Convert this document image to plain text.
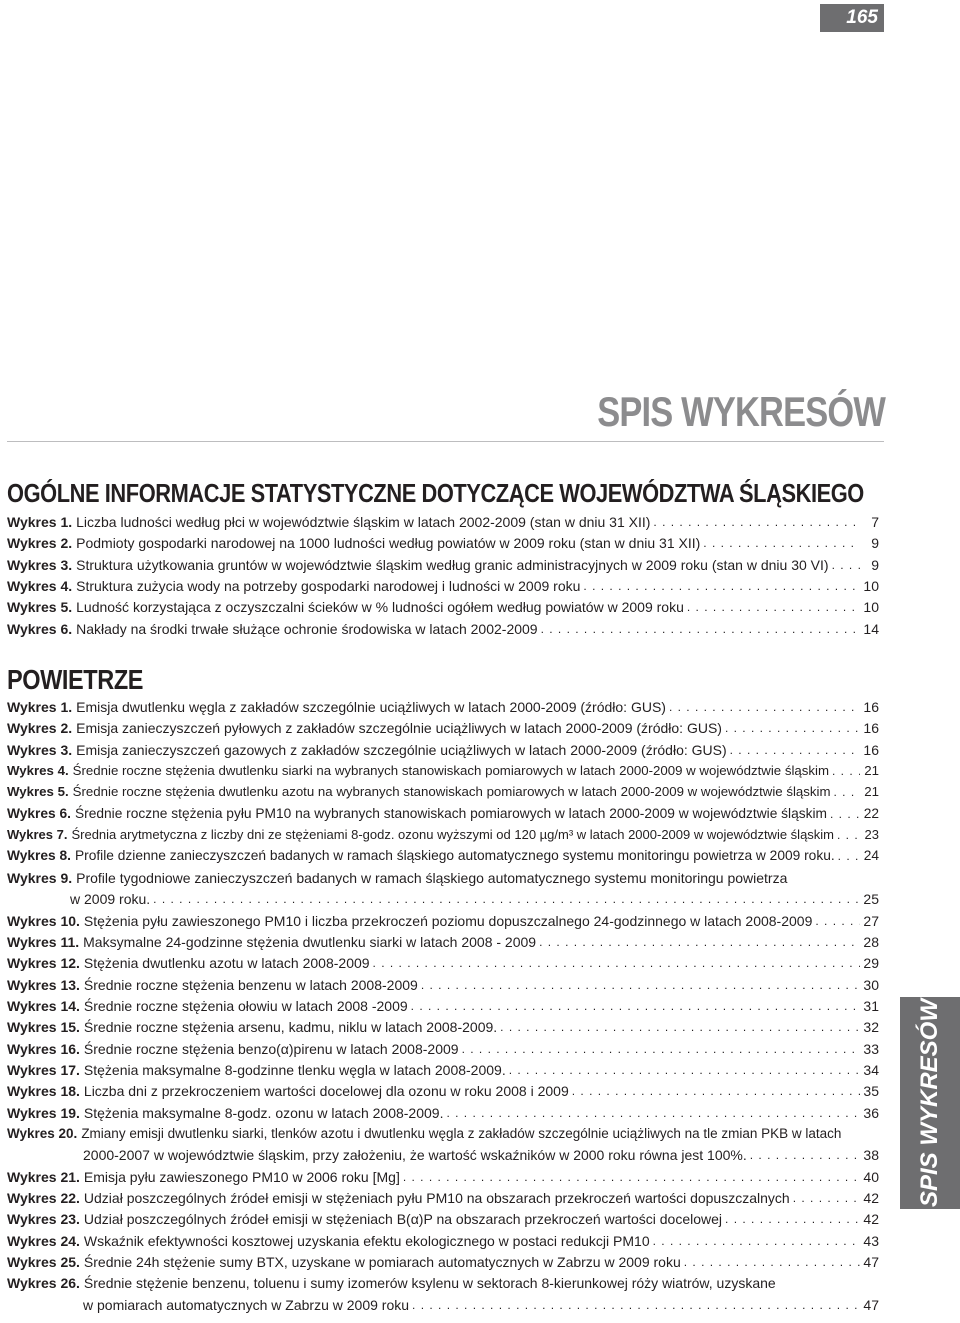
165
SPIS WYKRESÓW
OGÓLNE INFORMACJE STATYSTYCZNE DOTYCZĄCE WOJEWÓDZTWA ŚLĄSKIEGO
Wykres 1. Liczba ludności według płci w województwie śląskim w latach 2002-2009 (stan w dniu 31 XII) . . .	7
Wykres 2. Podmioty gospodarki narodowej na 1000 ludności według powiatów w 2009 roku (stan w dniu 31 XII) . . .	9
Wykres 3. Struktura użytkowania gruntów w województwie śląskim według granic administracyjnych w 2009 roku (stan w dniu 30 VI) . . .	9
Wykres 4. Struktura zużycia wody na potrzeby gospodarki narodowej i ludności w 2009 roku . . .	10
Wykres 5. Ludność korzystająca z oczyszczalni ścieków w % ludności ogółem według powiatów w 2009 roku . . .	10
Wykres 6. Nakłady na środki trwałe służące ochronie środowiska w latach 2002-2009 . . .	14
POWIETRZE
Wykres 1. Emisja dwutlenku węgla z zakładów szczególnie uciążliwych w latach 2000-2009 (źródło: GUS) . . .	16
Wykres 2. Emisja zanieczyszczeń pyłowych z zakładów szczególnie uciążliwych w latach 2000-2009 (źródło: GUS) . . .	16
Wykres 3. Emisja zanieczyszczeń gazowych z zakładów szczególnie uciążliwych w latach 2000-2009 (źródło: GUS) . . .	16
Wykres 4. Średnie roczne stężenia dwutlenku siarki na wybranych stanowiskach pomiarowych w latach 2000-2009 w województwie śląskim . . .	21
Wykres 5. Średnie roczne stężenia dwutlenku azotu na wybranych stanowiskach pomiarowych w latach 2000-2009 w województwie śląskim . . .	21
Wykres 6. Średnie roczne stężenia pyłu PM10 na wybranych stanowiskach pomiarowych w latach 2000-2009 w województwie śląskim . . .	22
Wykres 7. Średnia arytmetyczna z liczby dni ze stężeniami 8-godz. ozonu wyższymi od 120 µg/m³ w latach 2000-2009 w województwie śląskim . . . 23
Wykres 8. Profile dzienne zanieczyszczeń badanych w ramach śląskiego automatycznego systemu monitoringu powietrza w 2009 roku. . . . 24
Wykres 9. Profile tygodniowe zanieczyszczeń badanych w ramach śląskiego automatycznego systemu monitoringu powietrza
w 2009 roku. . . .	25
Wykres 10. Stężenia pyłu zawieszonego PM10 i liczba przekroczeń poziomu dopuszczalnego 24-godzinnego w latach 2008-2009 . . .	27
Wykres 11. Maksymalne 24-godzinne stężenia dwutlenku siarki w latach 2008 - 2009 . . .	28
Wykres 12. Stężenia dwutlenku azotu w latach 2008-2009 . . .	29
Wykres 13. Średnie roczne stężenia benzenu w latach 2008-2009 . . .	30
Wykres 14. Średnie roczne stężenia ołowiu w latach 2008 -2009 . . .	31
Wykres 15. Średnie roczne stężenia arsenu, kadmu, niklu w latach 2008-2009. . . .	32
Wykres 16. Średnie roczne stężenia benzo(α)pirenu w latach 2008-2009 . . .	33
Wykres 17. Stężenia maksymalne 8-godzinne tlenku węgla w latach 2008-2009. . . .	34
Wykres 18. Liczba dni z przekroczeniem wartości docelowej dla ozonu w roku 2008 i 2009 . . .	35
Wykres 19. Stężenia maksymalne 8-godz. ozonu w latach 2008-2009. . . .	36
Wykres 20. Zmiany emisji dwutlenku siarki, tlenków azotu i dwutlenku węgla z zakładów szczególnie uciążliwych na tle zmian PKB w latach
2000-2007 w województwie śląskim, przy założeniu, że wartość wskaźników w 2000 roku równa jest 100%. . . .	38
Wykres 21. Emisja pyłu zawieszonego PM10 w 2006 roku [Mg] . . .	40
Wykres 22. Udział poszczególnych źródeł emisji w stężeniach pyłu PM10 na obszarach przekroczeń wartości dopuszczalnych . . .	42
Wykres 23. Udział poszczególnych źródeł emisji w stężeniach B(α)P na obszarach przekroczeń wartości docelowej . . .	42
Wykres 24. Wskaźnik efektywności kosztowej uzyskania efektu ekologicznego w postaci redukcji PM10 . . .	43
Wykres 25. Średnie 24h stężenie sumy BTX, uzyskane w pomiarach automatycznych w Zabrzu w 2009 roku . . .	47
Wykres 26. Średnie stężenie benzenu, toluenu i sumy izomerów ksylenu w sektorach 8-kierunkowej róży wiatrów, uzyskane
w pomiarach automatycznych w Zabrzu w 2009 roku . . .	47
SPIS WYKRESÓW
